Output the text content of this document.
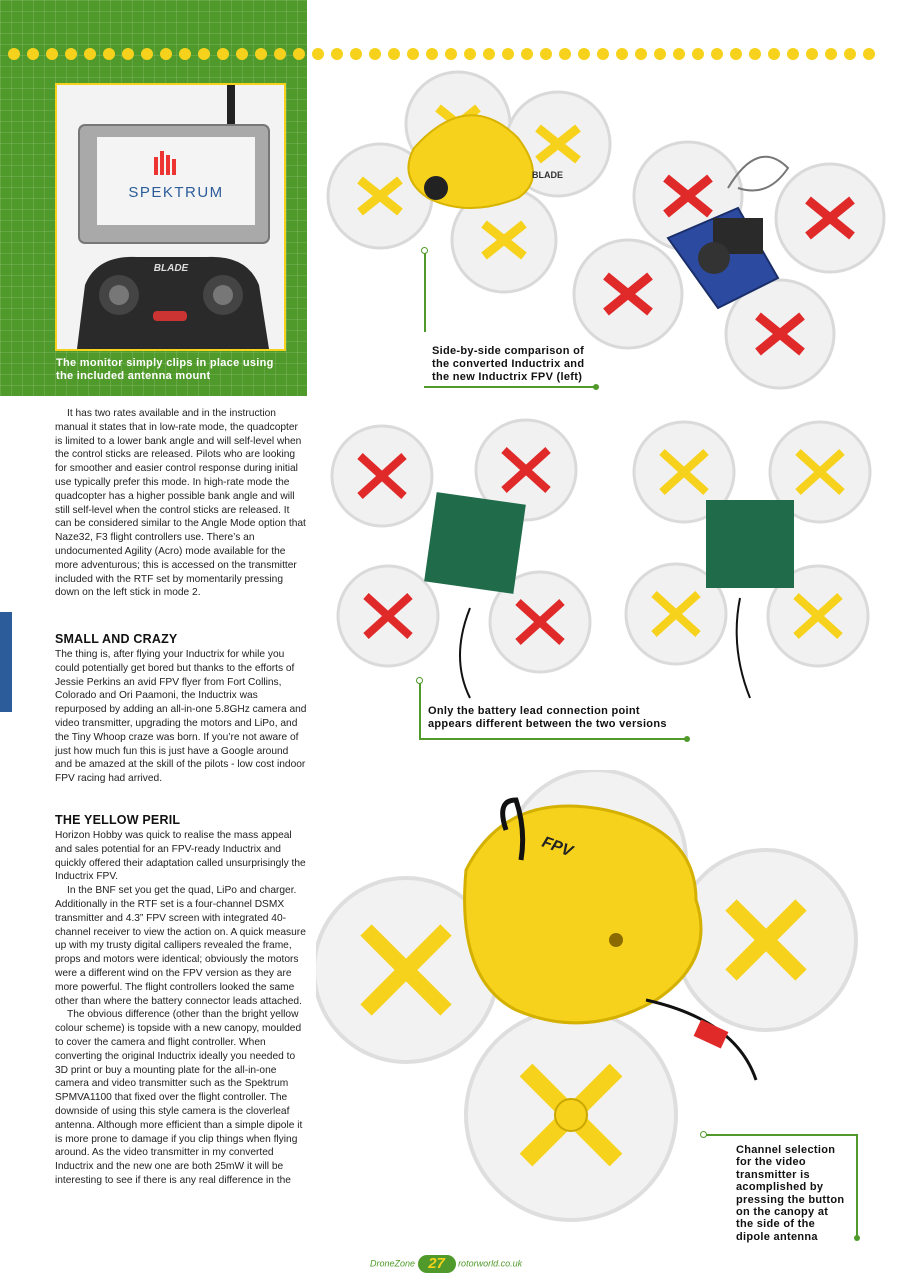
SPEKTRUM
BLADE
The monitor simply clips in place using
the included antenna mount
BLADE
Side-by-side comparison of
the converted Inductrix and
the new Inductrix FPV (left)
Only the battery lead connection point
appears different between the two versions
FPV
Channel selection
for the video
transmitter is
acomplished by
pressing the button
on the canopy at
the side of the
dipole antenna

It has two rates available and in the instruction manual it states that in low-rate mode, the quadcopter is limited to a lower bank angle and will self-level when the control sticks are released. Pilots who are looking for smoother and easier control response during initial use typically prefer this mode. In high-rate mode the quadcopter has a higher possible bank angle and will still self-level when the control sticks are released. It can be considered similar to the Angle Mode option that Naze32, F3 flight controllers use. There’s an undocumented Agility (Acro) mode available for the more adventurous; this is accessed on the transmitter included with the RTF set by momentarily pressing down on the left stick in mode 2.

SMALL AND CRAZY

The thing is, after flying your Inductrix for while you could potentially get bored but thanks to the efforts of Jessie Perkins an avid FPV flyer from Fort Collins, Colorado and Ori Paamoni, the Inductrix was repurposed by adding an all-in-one 5.8GHz camera and video transmitter, upgrading the motors and LiPo, and the Tiny Whoop craze was born. If you’re not aware of just how much fun this is just have a Google around and be amazed at the skill of the pilots - low cost indoor FPV racing had arrived.

THE YELLOW PERIL

Horizon Hobby was quick to realise the mass appeal and sales potential for an FPV-ready Inductrix and quickly offered their adaptation called unsurprisingly the Inductrix FPV.

In the BNF set you get the quad, LiPo and charger. Additionally in the RTF set is a four-channel DSMX transmitter and 4.3” FPV screen with integrated 40-channel receiver to view the action on. A quick measure up with my trusty digital callipers revealed the frame, props and motors were identical; obviously the motors were a different wind on the FPV version as they are more powerful. The flight controllers looked the same other than where the battery connector leads attached.

The obvious difference (other than the bright yellow colour scheme) is topside with a new canopy, moulded to cover the camera and flight controller. When converting the original Inductrix ideally you needed to 3D print or buy a mounting plate for the all-in-one camera and video transmitter such as the Spektrum SPMVA1100 that fixed over the flight controller. The downside of using this style camera is the cloverleaf antenna. Although more efficient than a simple dipole it is more prone to damage if you clip things when flying around. As the video transmitter in my converted Inductrix and the new one are both 25mW it will be interesting to see if there is any real difference in the

DroneZone 27 rotorworld.co.uk
